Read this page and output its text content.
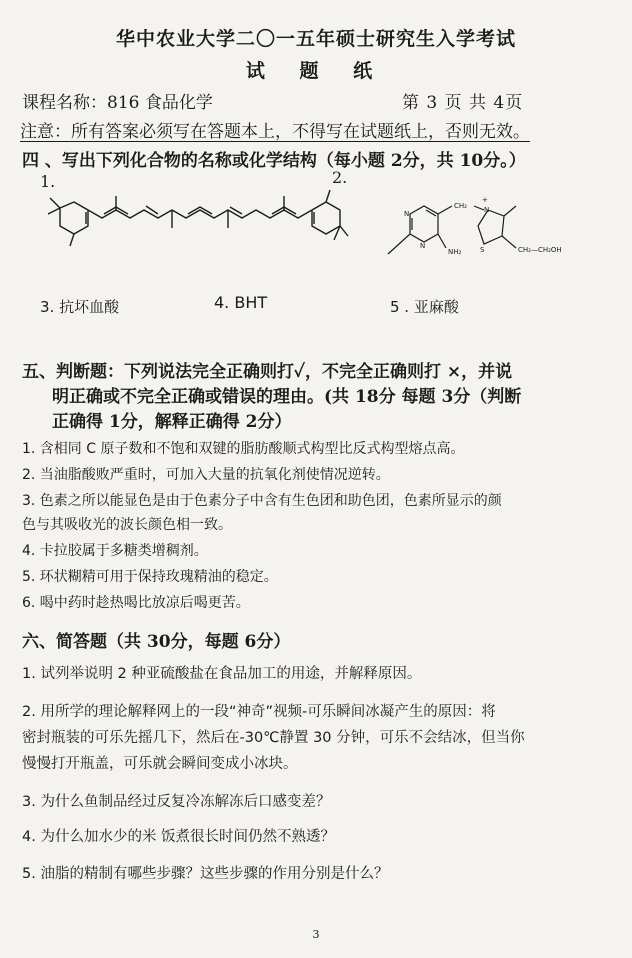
华中农业大学二〇一五年硕士研究生入学考试
试 题 纸
课程名称：816 食品化学	第 3 页 共 4页
注意：所有答案必须写在答题本上，不得写在试题纸上，否则无效。
四 、写出下列化合物的名称或化学结构（每小题 2分，共 10分。）
1.	2.
CH₂
+
N
NH₂	S	CH₂—CH₂OH
N
N
3. 抗坏血酸	4. BHT	5 . 亚麻酸
五、判断题：下列说法完全正确则打✓，不完全正确则打 ×，并说
明正确或不完全正确或错误的理由。(共 18分 每题 3分（判断
正确得 1分，解释正确得 2分）
1. 含相同 C 原子数和不饱和双键的脂肪酸顺式构型比反式构型熔点高。
2. 当油脂酸败严重时，可加入大量的抗氧化剂使情况逆转。
3. 色素之所以能显色是由于色素分子中含有生色团和助色团，色素所显示的颜
色与其吸收光的波长颜色相一致。
4. 卡拉胶属于多糖类增稠剂。
5. 环状糊精可用于保持玫瑰精油的稳定。
6. 喝中药时趁热喝比放凉后喝更苦。
六、简答题（共 30分，每题 6分）
1. 试列举说明 2 种亚硫酸盐在食品加工的用途，并解释原因。
2. 用所学的理论解释网上的一段“神奇”视频-可乐瞬间冰凝产生的原因：将
密封瓶装的可乐先摇几下，然后在-30℃静置 30 分钟，可乐不会结冰，但当你
慢慢打开瓶盖，可乐就会瞬间变成小冰块。
3. 为什么鱼制品经过反复冷冻解冻后口感变差？
4. 为什么加水少的米 饭煮很长时间仍然不熟透？
5. 油脂的精制有哪些步骤？这些步骤的作用分别是什么？
3
